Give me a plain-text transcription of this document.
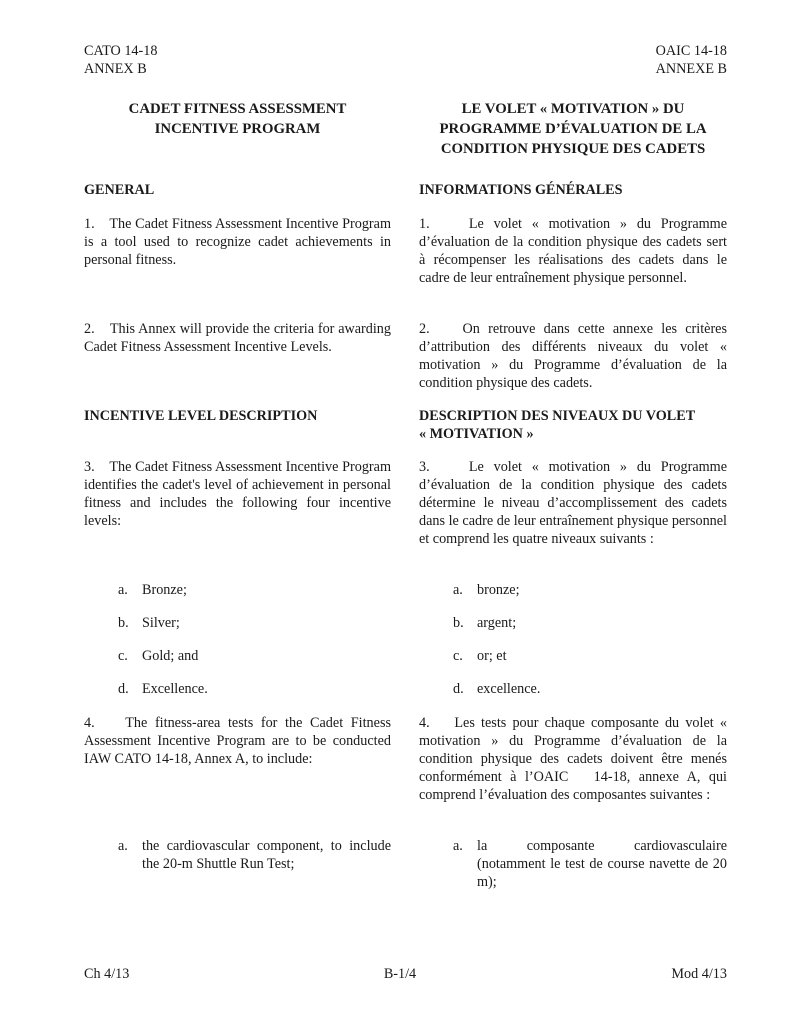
CATO 14-18
ANNEX B
OAIC 14-18
ANNEXE B
CADET FITNESS ASSESSMENT
INCENTIVE PROGRAM
LE VOLET « MOTIVATION » DU
PROGRAMME D’ÉVALUATION DE LA
CONDITION PHYSIQUE DES CADETS
GENERAL	INFORMATIONS GÉNÉRALES

1.    The Cadet Fitness Assessment Incentive Program is a tool used to recognize cadet achievements in personal fitness.

1.    Le volet « motivation » du Programme d’évaluation de la condition physique des cadets sert à récompenser les réalisations des cadets dans le cadre de leur entraînement physique personnel.

2.    This Annex will provide the criteria for awarding Cadet Fitness Assessment Incentive Levels.

2.    On retrouve dans cette annexe les critères d’attribution des différents niveaux du volet « motivation » du Programme d’évaluation de la condition physique des cadets.

INCENTIVE LEVEL DESCRIPTION	DESCRIPTION DES NIVEAUX DU VOLET
« MOTIVATION »

3.    The Cadet Fitness Assessment Incentive Program identifies the cadet's level of achievement in personal fitness and includes the following four incentive levels:

3.    Le volet « motivation » du Programme d’évaluation de la condition physique des cadets détermine le niveau d’accomplissement des cadets dans le cadre de leur entraînement physique personnel et comprend les quatre niveaux suivants :

a. Bronze;
b. Silver;
c. Gold; and
d. Excellence.
a. bronze;
b. argent;
c. or; et
d. excellence.

4.    The fitness-area tests for the Cadet Fitness Assessment Incentive Program are to be conducted IAW CATO 14-18, Annex A, to include:

4.    Les tests pour chaque composante du volet « motivation » du Programme d’évaluation de la condition physique des cadets doivent être menés conformément à l’OAIC   14-18, annexe A, qui comprend l’évaluation des composantes suivantes :

a. the cardiovascular component, to include the 20-m Shuttle Run Test;
a. la composante cardiovasculaire (notamment le test de course navette de 20 m);
Ch 4/13	B-1/4	Mod 4/13
